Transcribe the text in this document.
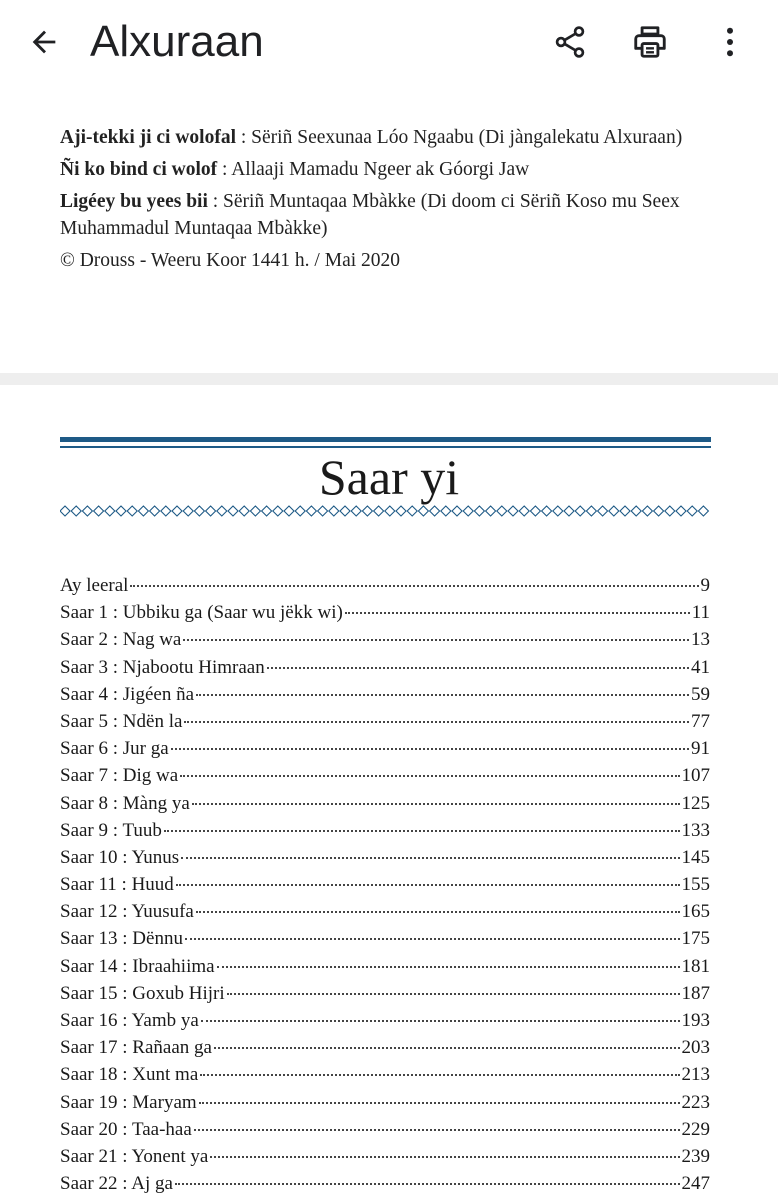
Alxuraan

Aji-tekki ji ci wolofal : Sëriñ Seexunaa Lóo Ngaabu (Di jàngalekatu Alxuraan)

Ñi ko bind ci wolof : Allaaji Mamadu Ngeer ak Góorgi Jaw

Ligéey bu yees bii : Sëriñ Muntaqaa Mbàkke (Di doom ci Sëriñ Koso mu Seex Muhammadul Muntaqaa Mbàkke)

© Drouss - Weeru Koor 1441 h. / Mai 2020

Saar yi
Ay leeral	9
Saar 1 : Ubbiku ga (Saar wu jëkk wi)	11
Saar 2 : Nag wa	13
Saar 3 : Njabootu Himraan	41
Saar 4 : Jigéen ña	59
Saar 5 : Ndën la	77
Saar 6 : Jur ga	91
Saar 7 : Dig wa	107
Saar 8 : Màng ya	125
Saar 9 : Tuub	133
Saar 10 : Yunus	145
Saar 11 : Huud	155
Saar 12 : Yuusufa	165
Saar 13 : Dënnu	175
Saar 14 : Ibraahiima	181
Saar 15 : Goxub Hijri	187
Saar 16 : Yamb ya	193
Saar 17 : Rañaan ga	203
Saar 18 : Xunt ma	213
Saar 19 : Maryam	223
Saar 20 : Taa-haa	229
Saar 21 : Yonent ya	239
Saar 22 : Aj ga	247
